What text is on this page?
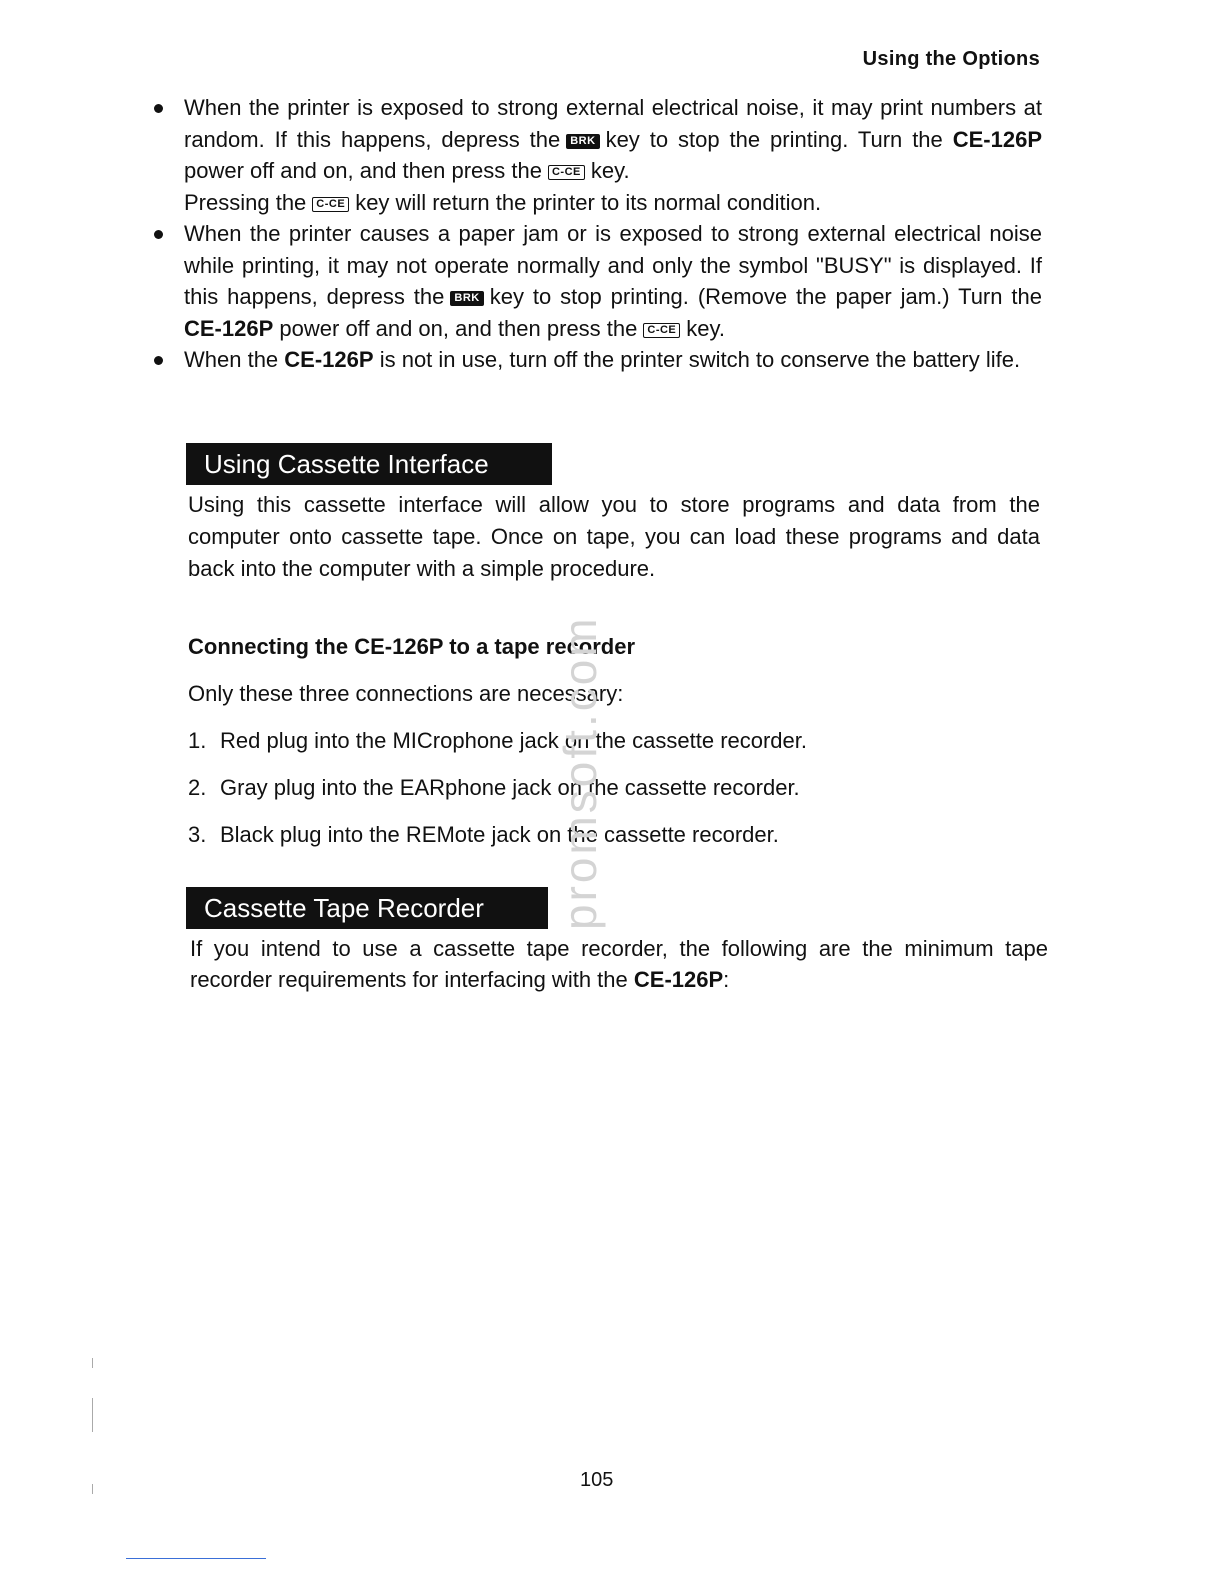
Using the Options
When the printer is exposed to strong external electrical noise, it may print numbers at random. If this happens, depress the BRK key to stop the printing. Turn the CE-126P power off and on, and then press the C-CE key.
Pressing the C-CE key will return the printer to its normal condition.
When the printer causes a paper jam or is exposed to strong external electrical noise while printing, it may not operate normally and only the symbol "BUSY" is displayed. If this happens, depress the BRK key to stop printing. (Remove the paper jam.) Turn the CE-126P power off and on, and then press the C-CE key.
When the CE-126P is not in use, turn off the printer switch to conserve the battery life.
Using Cassette Interface
Using this cassette interface will allow you to store programs and data from the computer onto cassette tape. Once on tape, you can load these programs and data back into the computer with a simple procedure.
Connecting the CE-126P to a tape recorder
Only these three connections are necessary:
1. Red plug into the MICrophone jack on the cassette recorder.
2. Gray plug into the EARphone jack on the cassette recorder.
3. Black plug into the REMote jack on the cassette recorder.
promsoft.com
Cassette Tape Recorder
If you intend to use a cassette tape recorder, the following are the minimum tape recorder requirements for interfacing with the CE-126P:
105
